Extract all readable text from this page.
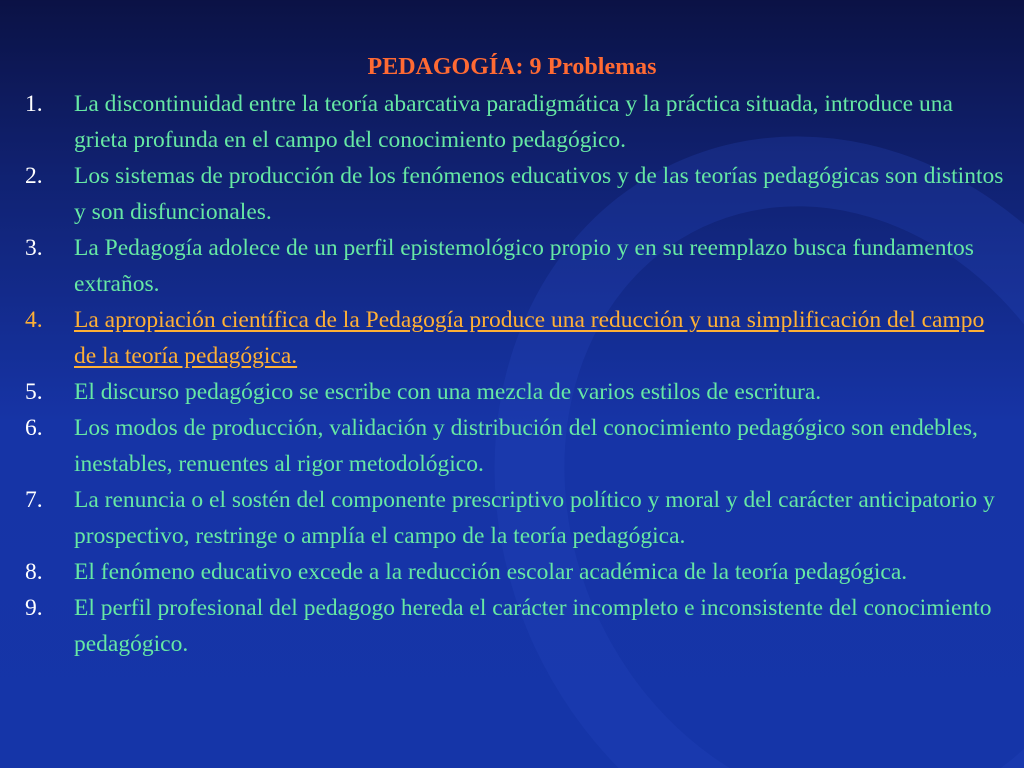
PEDAGOGÍA: 9 Problemas
1.	La discontinuidad entre la teoría abarcativa paradigmática y la práctica situada, introduce una grieta profunda en el campo del conocimiento pedagógico.
2.	Los sistemas de producción de los fenómenos educativos y de las teorías pedagógicas son distintos y son disfuncionales.
3.	La Pedagogía adolece de un perfil epistemológico propio y en su reemplazo busca fundamentos extraños.
4.	La apropiación científica de la Pedagogía produce una reducción y una simplificación del campo de la teoría pedagógica.
5.	El discurso pedagógico se escribe con una mezcla de varios estilos de escritura.
6.	Los modos de producción, validación y distribución del conocimiento pedagógico son endebles, inestables, renuentes al rigor metodológico.
7.	La renuncia o el sostén del componente prescriptivo político y moral y del carácter anticipatorio y prospectivo, restringe o amplía el campo de la teoría pedagógica.
8.	El fenómeno educativo excede a la reducción escolar académica de la teoría pedagógica.
9.	El perfil profesional del pedagogo hereda el carácter incompleto e inconsistente del conocimiento pedagógico.
